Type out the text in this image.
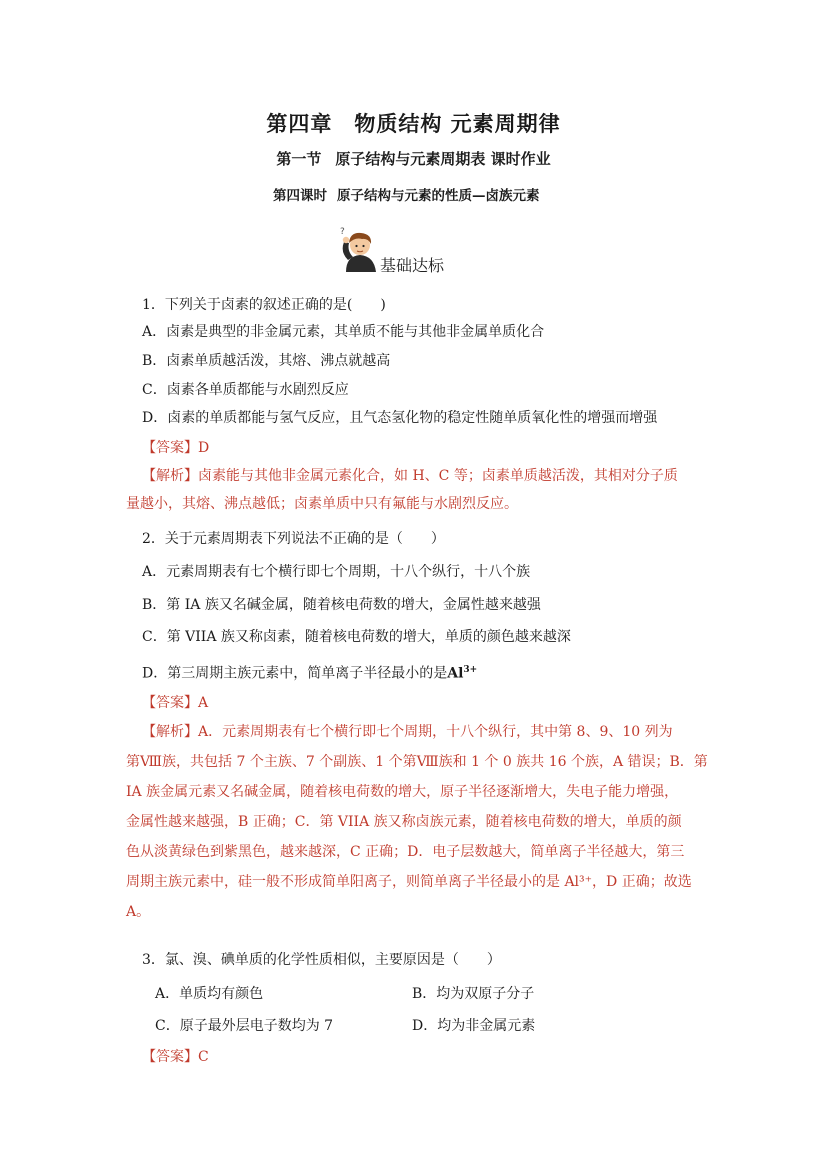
第四章 物质结构 元素周期律
第一节 原子结构与元素周期表 课时作业
第四课时 原子结构与元素的性质—卤族元素
?
基础达标
1．下列关于卤素的叙述正确的是(　　)
A．卤素是典型的非金属元素，其单质不能与其他非金属单质化合
B．卤素单质越活泼，其熔、沸点就越高
C．卤素各单质都能与水剧烈反应
D．卤素的单质都能与氢气反应，且气态氢化物的稳定性随单质氧化性的增强而增强
【答案】D
【解析】卤素能与其他非金属元素化合，如 H、C 等；卤素单质越活泼，其相对分子质
量越小，其熔、沸点越低；卤素单质中只有氟能与水剧烈反应。
2．关于元素周期表下列说法不正确的是（　　）
A．元素周期表有七个横行即七个周期，十八个纵行，十八个族
B．第 IA 族又名碱金属，随着核电荷数的增大，金属性越来越强
C．第 VIIA 族又称卤素，随着核电荷数的增大，单质的颜色越来越深
D．第三周期主族元素中，简单离子半径最小的是$Al^{3+}$
【答案】A
【解析】A．元素周期表有七个横行即七个周期，十八个纵行，其中第 8、9、10 列为
第Ⅷ族，共包括 7 个主族、7 个副族、1 个第Ⅷ族和 1 个 0 族共 16 个族，A 错误；B．第
IA 族金属元素又名碱金属，随着核电荷数的增大，原子半径逐渐增大，失电子能力增强，
金属性越来越强，B 正确；C．第 VIIA 族又称卤族元素，随着核电荷数的增大，单质的颜
色从淡黄绿色到紫黑色，越来越深，C 正确；D．电子层数越大，简单离子半径越大，第三
周期主族元素中，硅一般不形成简单阳离子，则简单离子半径最小的是 Al³⁺，D 正确；故选
A。
3．氯、溴、碘单质的化学性质相似，主要原因是（　　）
A．单质均有颜色	B．均为双原子分子
C．原子最外层电子数均为 7	D．均为非金属元素
【答案】C
